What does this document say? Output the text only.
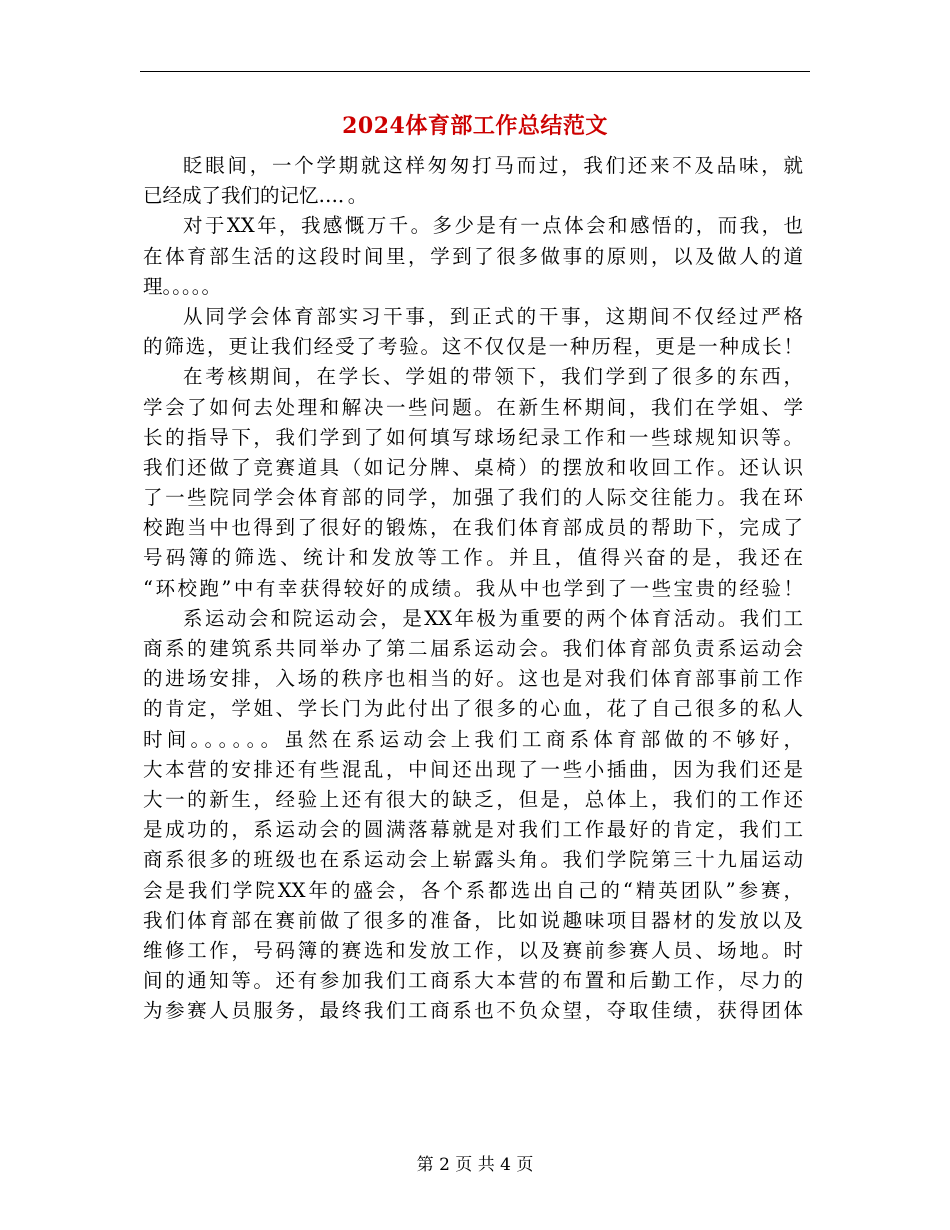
2024体育部工作总结范文
眨眼间，一个学期就这样匆匆打马而过，我们还来不及品味，就
已经成了我们的记忆…．。
对于XX年，我感慨万千。多少是有一点体会和感悟的，而我，也
在体育部生活的这段时间里，学到了很多做事的原则，以及做人的道
理。。。。。
从同学会体育部实习干事，到正式的干事，这期间不仅经过严格
的筛选，更让我们经受了考验。这不仅仅是一种历程，更是一种成长！
在考核期间，在学长、学姐的带领下，我们学到了很多的东西，
学会了如何去处理和解决一些问题。在新生杯期间，我们在学姐、学
长的指导下，我们学到了如何填写球场纪录工作和一些球规知识等。
我们还做了竞赛道具（如记分牌、桌椅）的摆放和收回工作。还认识
了一些院同学会体育部的同学，加强了我们的人际交往能力。我在环
校跑当中也得到了很好的锻炼，在我们体育部成员的帮助下，完成了
号码簿的筛选、统计和发放等工作。并且，值得兴奋的是，我还在
“环校跑”中有幸获得较好的成绩。我从中也学到了一些宝贵的经验！
系运动会和院运动会，是XX年极为重要的两个体育活动。我们工
商系的建筑系共同举办了第二届系运动会。我们体育部负责系运动会
的进场安排，入场的秩序也相当的好。这也是对我们体育部事前工作
的肯定，学姐、学长门为此付出了很多的心血，花了自己很多的私人
时间。。。。。。虽然在系运动会上我们工商系体育部做的不够好，
大本营的安排还有些混乱，中间还出现了一些小插曲，因为我们还是
大一的新生，经验上还有很大的缺乏，但是，总体上，我们的工作还
是成功的，系运动会的圆满落幕就是对我们工作最好的肯定，我们工
商系很多的班级也在系运动会上崭露头角。我们学院第三十九届运动
会是我们学院XX年的盛会，各个系都选出自己的“精英团队”参赛，
我们体育部在赛前做了很多的准备，比如说趣味项目器材的发放以及
维修工作，号码簿的赛选和发放工作，以及赛前参赛人员、场地。时
间的通知等。还有参加我们工商系大本营的布置和后勤工作，尽力的
为参赛人员服务，最终我们工商系也不负众望，夺取佳绩，获得团体
第 2 页 共 4 页
